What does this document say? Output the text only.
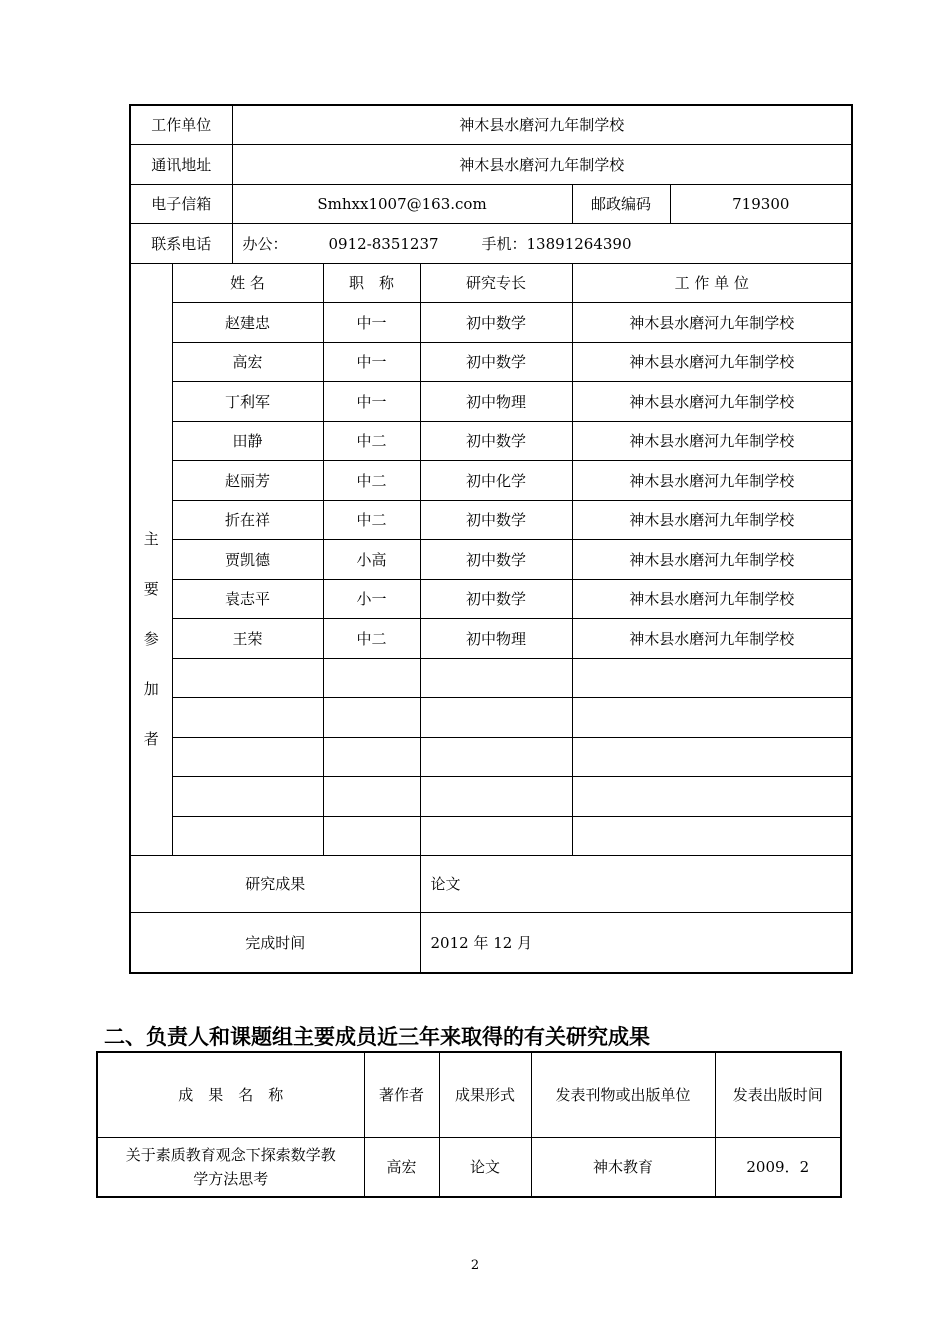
工作单位		神木县水磨河九年制学校				
通讯地址		神木县水磨河九年制学校				
电子信箱		Smhxx1007@163.com			邮政编码	719300
联系电话		办公： 0912-8351237 手机：13891264390				

主
要
参
加
者	姓 名		职　称	研究专长	工 作 单 位	
	赵建忠		中一	初中数学	神木县水磨河九年制学校	
	高宏		中一	初中数学	神木县水磨河九年制学校	
	丁利军		中一	初中物理	神木县水磨河九年制学校	
	田静		中二	初中数学	神木县水磨河九年制学校	
	赵丽芳		中二	初中化学	神木县水磨河九年制学校	
	折在祥		中二	初中数学	神木县水磨河九年制学校	
	贾凯德		小高	初中数学	神木县水磨河九年制学校	
	袁志平		小一	初中数学	神木县水磨河九年制学校	
	王荣		中二	初中物理	神木县水磨河九年制学校	

研究成果				论文		
完成时间				2012 年 12 月		
二、负责人和课题组主要成员近三年来取得的有关研究成果
成　果　名　称	著作者	成果形式	发表刊物或出版单位	发表出版时间

关于素质教育观念下探索数学教
学方法思考	高宏	论文	神木教育	2009．2
2
